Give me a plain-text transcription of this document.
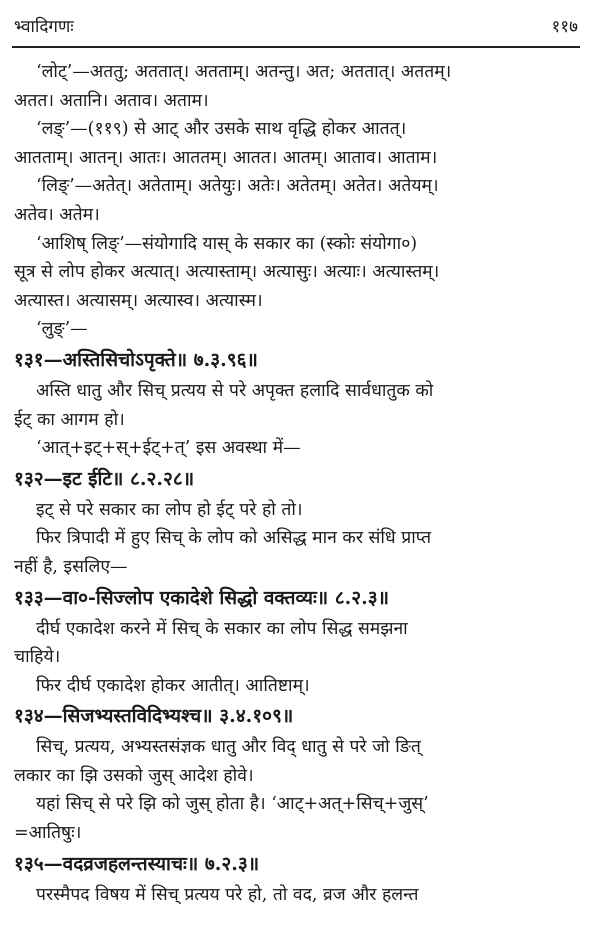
भ्वादिगणः	११७
‘लोट्’—अततु; अततात्। अतताम्। अतन्तु। अत; अततात्। अततम्।
अतत। अतानि। अताव। अताम।
‘लङ्’—(११९) से आट् और उसके साथ वृद्धि होकर आतत्।
आतताम्। आतन्। आतः। आततम्। आतत। आतम्। आताव। आताम।
‘लिङ्’—अतेत्। अतेताम्। अतेयुः। अतेः। अतेतम्। अतेत। अतेयम्।
अतेव। अतेम।
‘आशिष् लिङ्’—संयोगादि यास् के सकार का (स्कोः संयोगा०)
सूत्र से लोप होकर अत्यात्। अत्यास्ताम्। अत्यासुः। अत्याः। अत्यास्तम्।
अत्यास्त। अत्यासम्। अत्यास्व। अत्यास्म।
‘लुङ्’—
१३१—अस्तिसिचोऽपृक्ते॥ ७.३.९६॥
अस्ति धातु और सिच् प्रत्यय से परे अपृक्त हलादि सार्वधातुक को
ईट् का आगम हो।
‘आत्+इट्+स्+ईट्+त्’ इस अवस्था में—
१३२—इट ईटि॥ ८.२.२८॥
इट् से परे सकार का लोप हो ईट् परे हो तो।
फिर त्रिपादी में हुए सिच् के लोप को असिद्ध मान कर संधि प्राप्त
नहीं है, इसलिए—
१३३—वा०-सिज्लोप एकादेशे सिद्धो वक्तव्यः॥ ८.२.३॥
दीर्घ एकादेश करने में सिच् के सकार का लोप सिद्ध समझना
चाहिये।
फिर दीर्घ एकादेश होकर आतीत्। आतिष्टाम्।
१३४—सिजभ्यस्तविदिभ्यश्च॥ ३.४.१०९॥
सिच्, प्रत्यय, अभ्यस्तसंज्ञक धातु और विद् धातु से परे जो ङित्
लकार का झि उसको जुस् आदेश होवे।
यहां सिच् से परे झि को जुस् होता है। ‘आट्+अत्+सिच्+जुस्’
=आतिषुः।
१३५—वदव्रजहलन्तस्याचः॥ ७.२.३॥
परस्मैपद विषय में सिच् प्रत्यय परे हो, तो वद, व्रज और हलन्त
